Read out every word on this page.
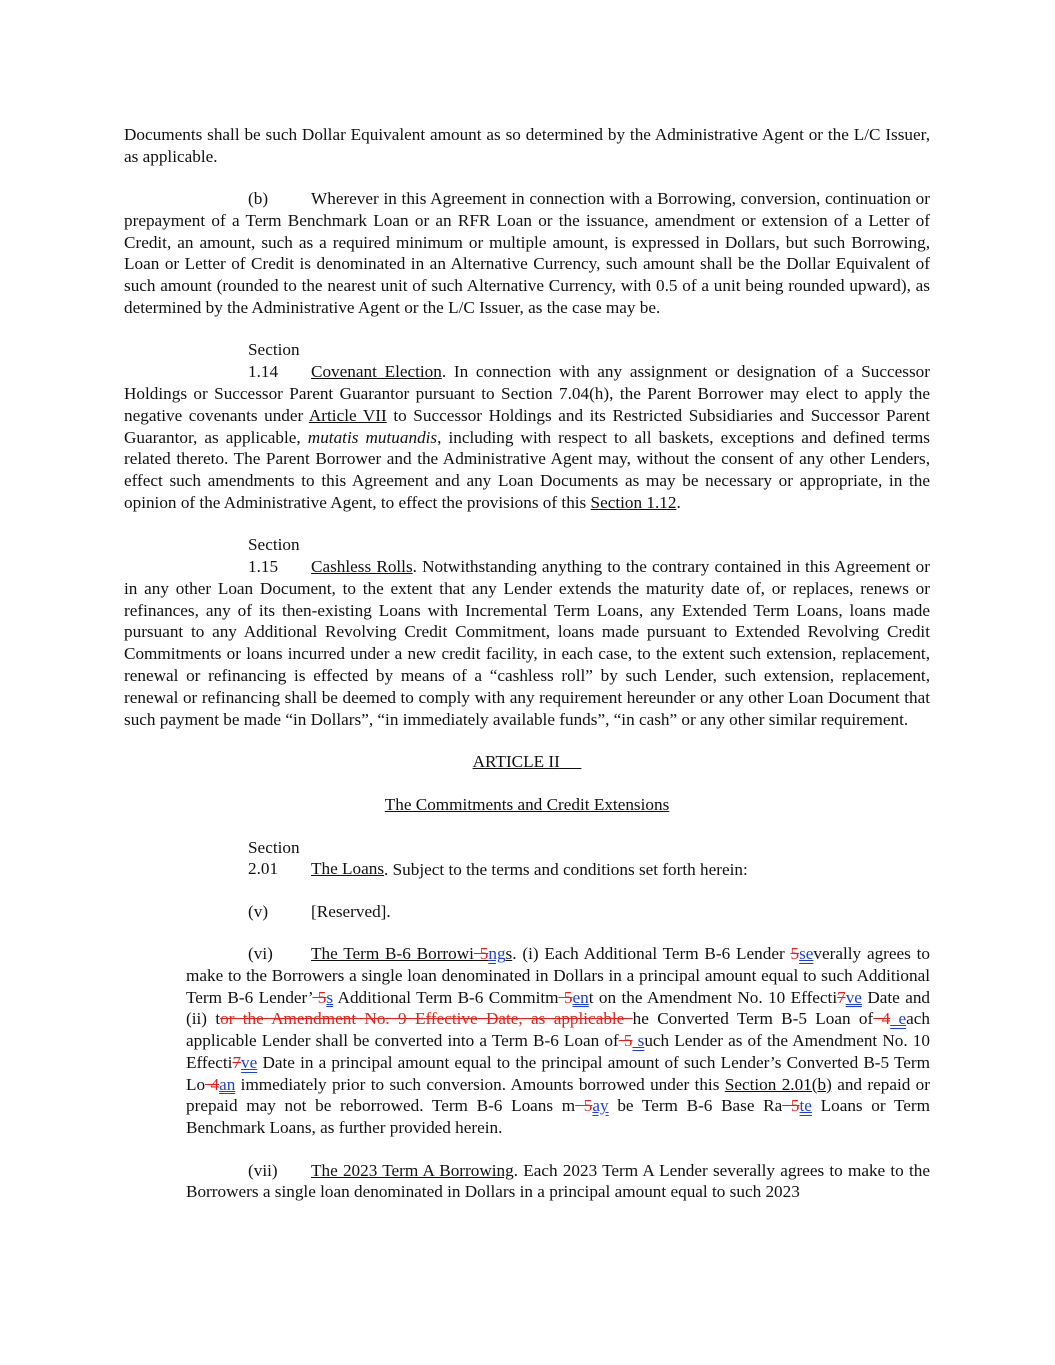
Documents shall be such Dollar Equivalent amount as so determined by the Administrative Agent or the L/C Issuer, as applicable.

(b) Wherever in this Agreement in connection with a Borrowing, conversion, continuation or prepayment of a Term Benchmark Loan or an RFR Loan or the issuance, amendment or extension of a Letter of Credit, an amount, such as a required minimum or multiple amount, is expressed in Dollars, but such Borrowing, Loan or Letter of Credit is denominated in an Alternative Currency, such amount shall be the Dollar Equivalent of such amount (rounded to the nearest unit of such Alternative Currency, with 0.5 of a unit being rounded upward), as determined by the Administrative Agent or the L/C Issuer, as the case may be.

Section 1.14 Covenant Election. In connection with any assignment or designation of a Successor Holdings or Successor Parent Guarantor pursuant to Section 7.04(h), the Parent Borrower may elect to apply the negative covenants under Article VII to Successor Holdings and its Restricted Subsidiaries and Successor Parent Guarantor, as applicable, mutatis mutuandis, including with respect to all baskets, exceptions and defined terms related thereto. The Parent Borrower and the Administrative Agent may, without the consent of any other Lenders, effect such amendments to this Agreement and any Loan Documents as may be necessary or appropriate, in the opinion of the Administrative Agent, to effect the provisions of this Section 1.12.

Section 1.15 Cashless Rolls. Notwithstanding anything to the contrary contained in this Agreement or in any other Loan Document, to the extent that any Lender extends the maturity date of, or replaces, renews or refinances, any of its then-existing Loans with Incremental Term Loans, any Extended Term Loans, loans made pursuant to any Additional Revolving Credit Commitment, loans made pursuant to Extended Revolving Credit Commitments or loans incurred under a new credit facility, in each case, to the extent such extension, replacement, renewal or refinancing is effected by means of a “cashless roll” by such Lender, such extension, replacement, renewal or refinancing shall be deemed to comply with any requirement hereunder or any other Loan Document that such payment be made “in Dollars”, “in immediately available funds”, “in cash” or any other similar requirement.

ARTICLE II
The Commitments and Credit Extensions

Section 2.01 The Loans. Subject to the terms and conditions set forth herein:

(v) [Reserved].

(vi) The Term B-6 Borrowi 5ngs. (i) Each Additional Term B-6 Lender 5severally agrees to make to the Borrowers a single loan denominated in Dollars in a principal amount equal to such Additional Term B-6 Lender’ 5s Additional Term B-6 Commitm 5ent on the Amendment No. 10 Effecti7ve Date and (ii) tor the Amendment No. 9 Effective Date, as applicable he Converted Term B-5 Loan of 4 each applicable Lender shall be converted into a Term B-6 Loan of 5 such Lender as of the Amendment No. 10 Effecti7ve Date in a principal amount equal to the principal amount of such Lender’s Converted B-5 Term Lo 4an immediately prior to such conversion. Amounts borrowed under this Section 2.01(b) and repaid or prepaid may not be reborrowed. Term B-6 Loans m 5ay be Term B-6 Base Ra 5te Loans or Term Benchmark Loans, as further provided herein.

(vii) The 2023 Term A Borrowing. Each 2023 Term A Lender severally agrees to make to the Borrowers a single loan denominated in Dollars in a principal amount equal to such 2023
